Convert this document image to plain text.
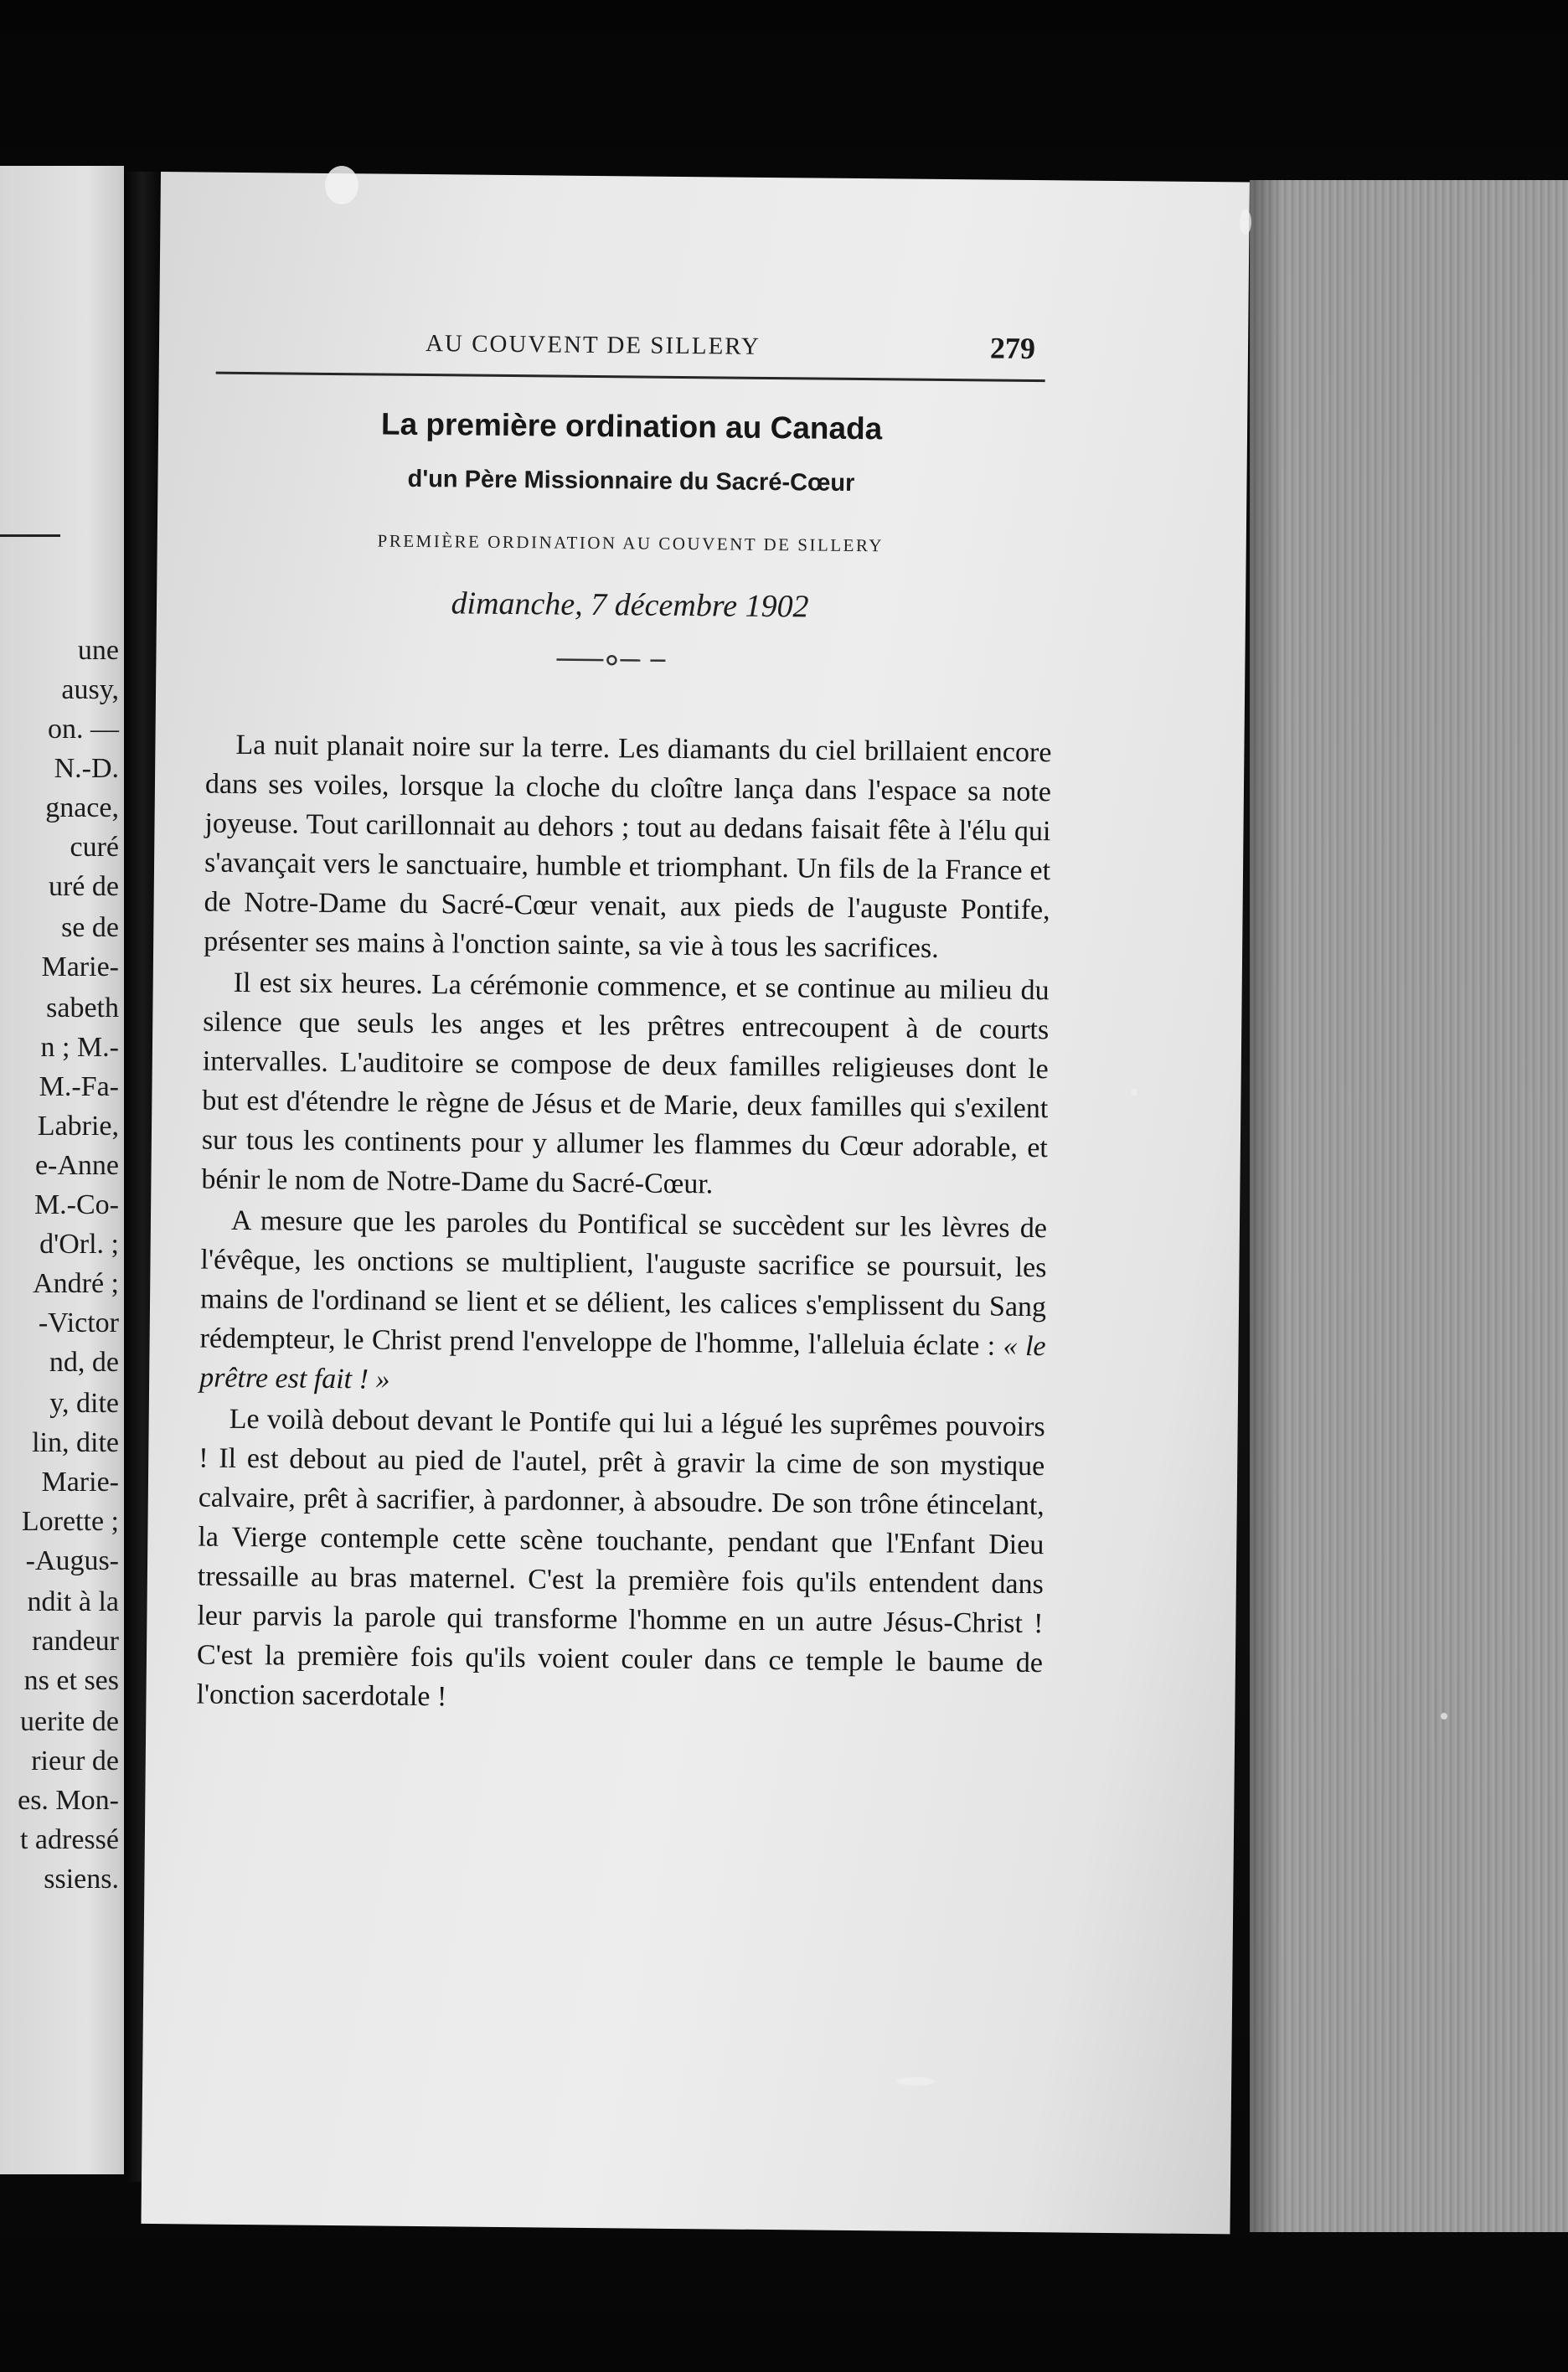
une
ausy,
on. —
N.-D.
gnace,
curé
uré de
se de
Marie-
sabeth
n ; M.-
M.-Fa-
Labrie,
e-Anne
M.-Co-
d'Orl. ;
André ;
-Victor
nd, de
y, dite
lin, dite
Marie-
Lorette ;
-Augus-
ndit à la
randeur
ns et ses
uerite de
rieur de
es. Mon-
t adressé
ssiens.
AU COUVENT DE SILLERY	279
La première ordination au Canada
d'un Père Missionnaire du Sacré-Cœur
PREMIÈRE ORDINATION AU COUVENT DE SILLERY
dimanche, 7 décembre 1902

La nuit planait noire sur la terre. Les diamants du ciel brillaient encore dans ses voiles, lorsque la cloche du cloître lança dans l'espace sa note joyeuse. Tout carillonnait au dehors ; tout au dedans faisait fête à l'élu qui s'avançait vers le sanctuaire, humble et triomphant. Un fils de la France et de Notre-Dame du Sacré-Cœur venait, aux pieds de l'auguste Pontife, présenter ses mains à l'onction sainte, sa vie à tous les sacrifices.

Il est six heures. La cérémonie commence, et se continue au milieu du silence que seuls les anges et les prêtres entrecoupent à de courts intervalles. L'auditoire se compose de deux familles religieuses dont le but est d'étendre le règne de Jésus et de Marie, deux familles qui s'exilent sur tous les continents pour y allumer les flammes du Cœur adorable, et bénir le nom de Notre-Dame du Sacré-Cœur.

A mesure que les paroles du Pontifical se succèdent sur les lèvres de l'évêque, les onctions se multiplient, l'auguste sacrifice se poursuit, les mains de l'ordinand se lient et se délient, les calices s'emplissent du Sang rédempteur, le Christ prend l'enveloppe de l'homme, l'alleluia éclate : « le prêtre est fait ! »

Le voilà debout devant le Pontife qui lui a légué les suprêmes pouvoirs ! Il est debout au pied de l'autel, prêt à gravir la cime de son mystique calvaire, prêt à sacrifier, à pardonner, à absoudre. De son trône étincelant, la Vierge contemple cette scène touchante, pendant que l'Enfant Dieu tressaille au bras maternel. C'est la première fois qu'ils entendent dans leur parvis la parole qui transforme l'homme en un autre Jésus-Christ ! C'est la première fois qu'ils voient couler dans ce temple le baume de l'onction sacerdotale !
